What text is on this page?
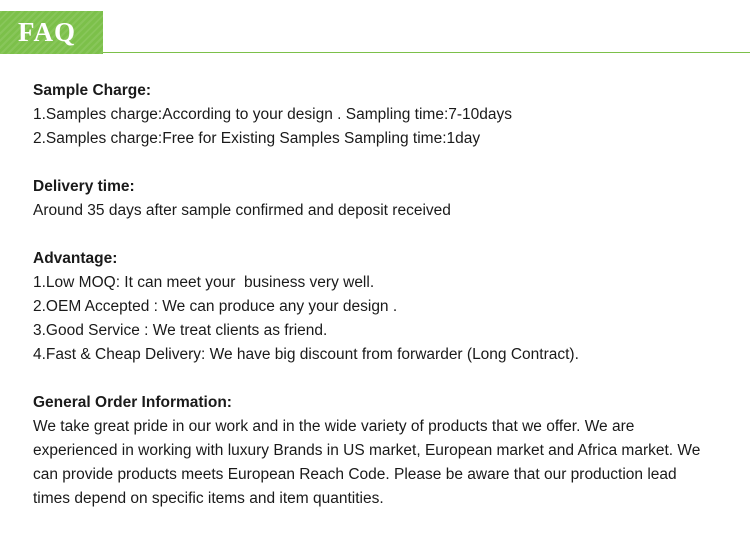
FAQ
Sample Charge:
1.Samples charge:According to your design . Sampling time:7-10days
2.Samples charge:Free for Existing Samples Sampling time:1day
Delivery time:
Around 35 days after sample confirmed and deposit received
Advantage:
1.Low MOQ: It can meet your  business very well.
2.OEM Accepted : We can produce any your design .
3.Good Service : We treat clients as friend.
4.Fast & Cheap Delivery: We have big discount from forwarder (Long Contract).
General Order Information:
We take great pride in our work and in the wide variety of products that we offer. We are experienced in working with luxury Brands in US market, European market and Africa market. We can provide products meets European Reach Code. Please be aware that our production lead times depend on specific items and item quantities.
